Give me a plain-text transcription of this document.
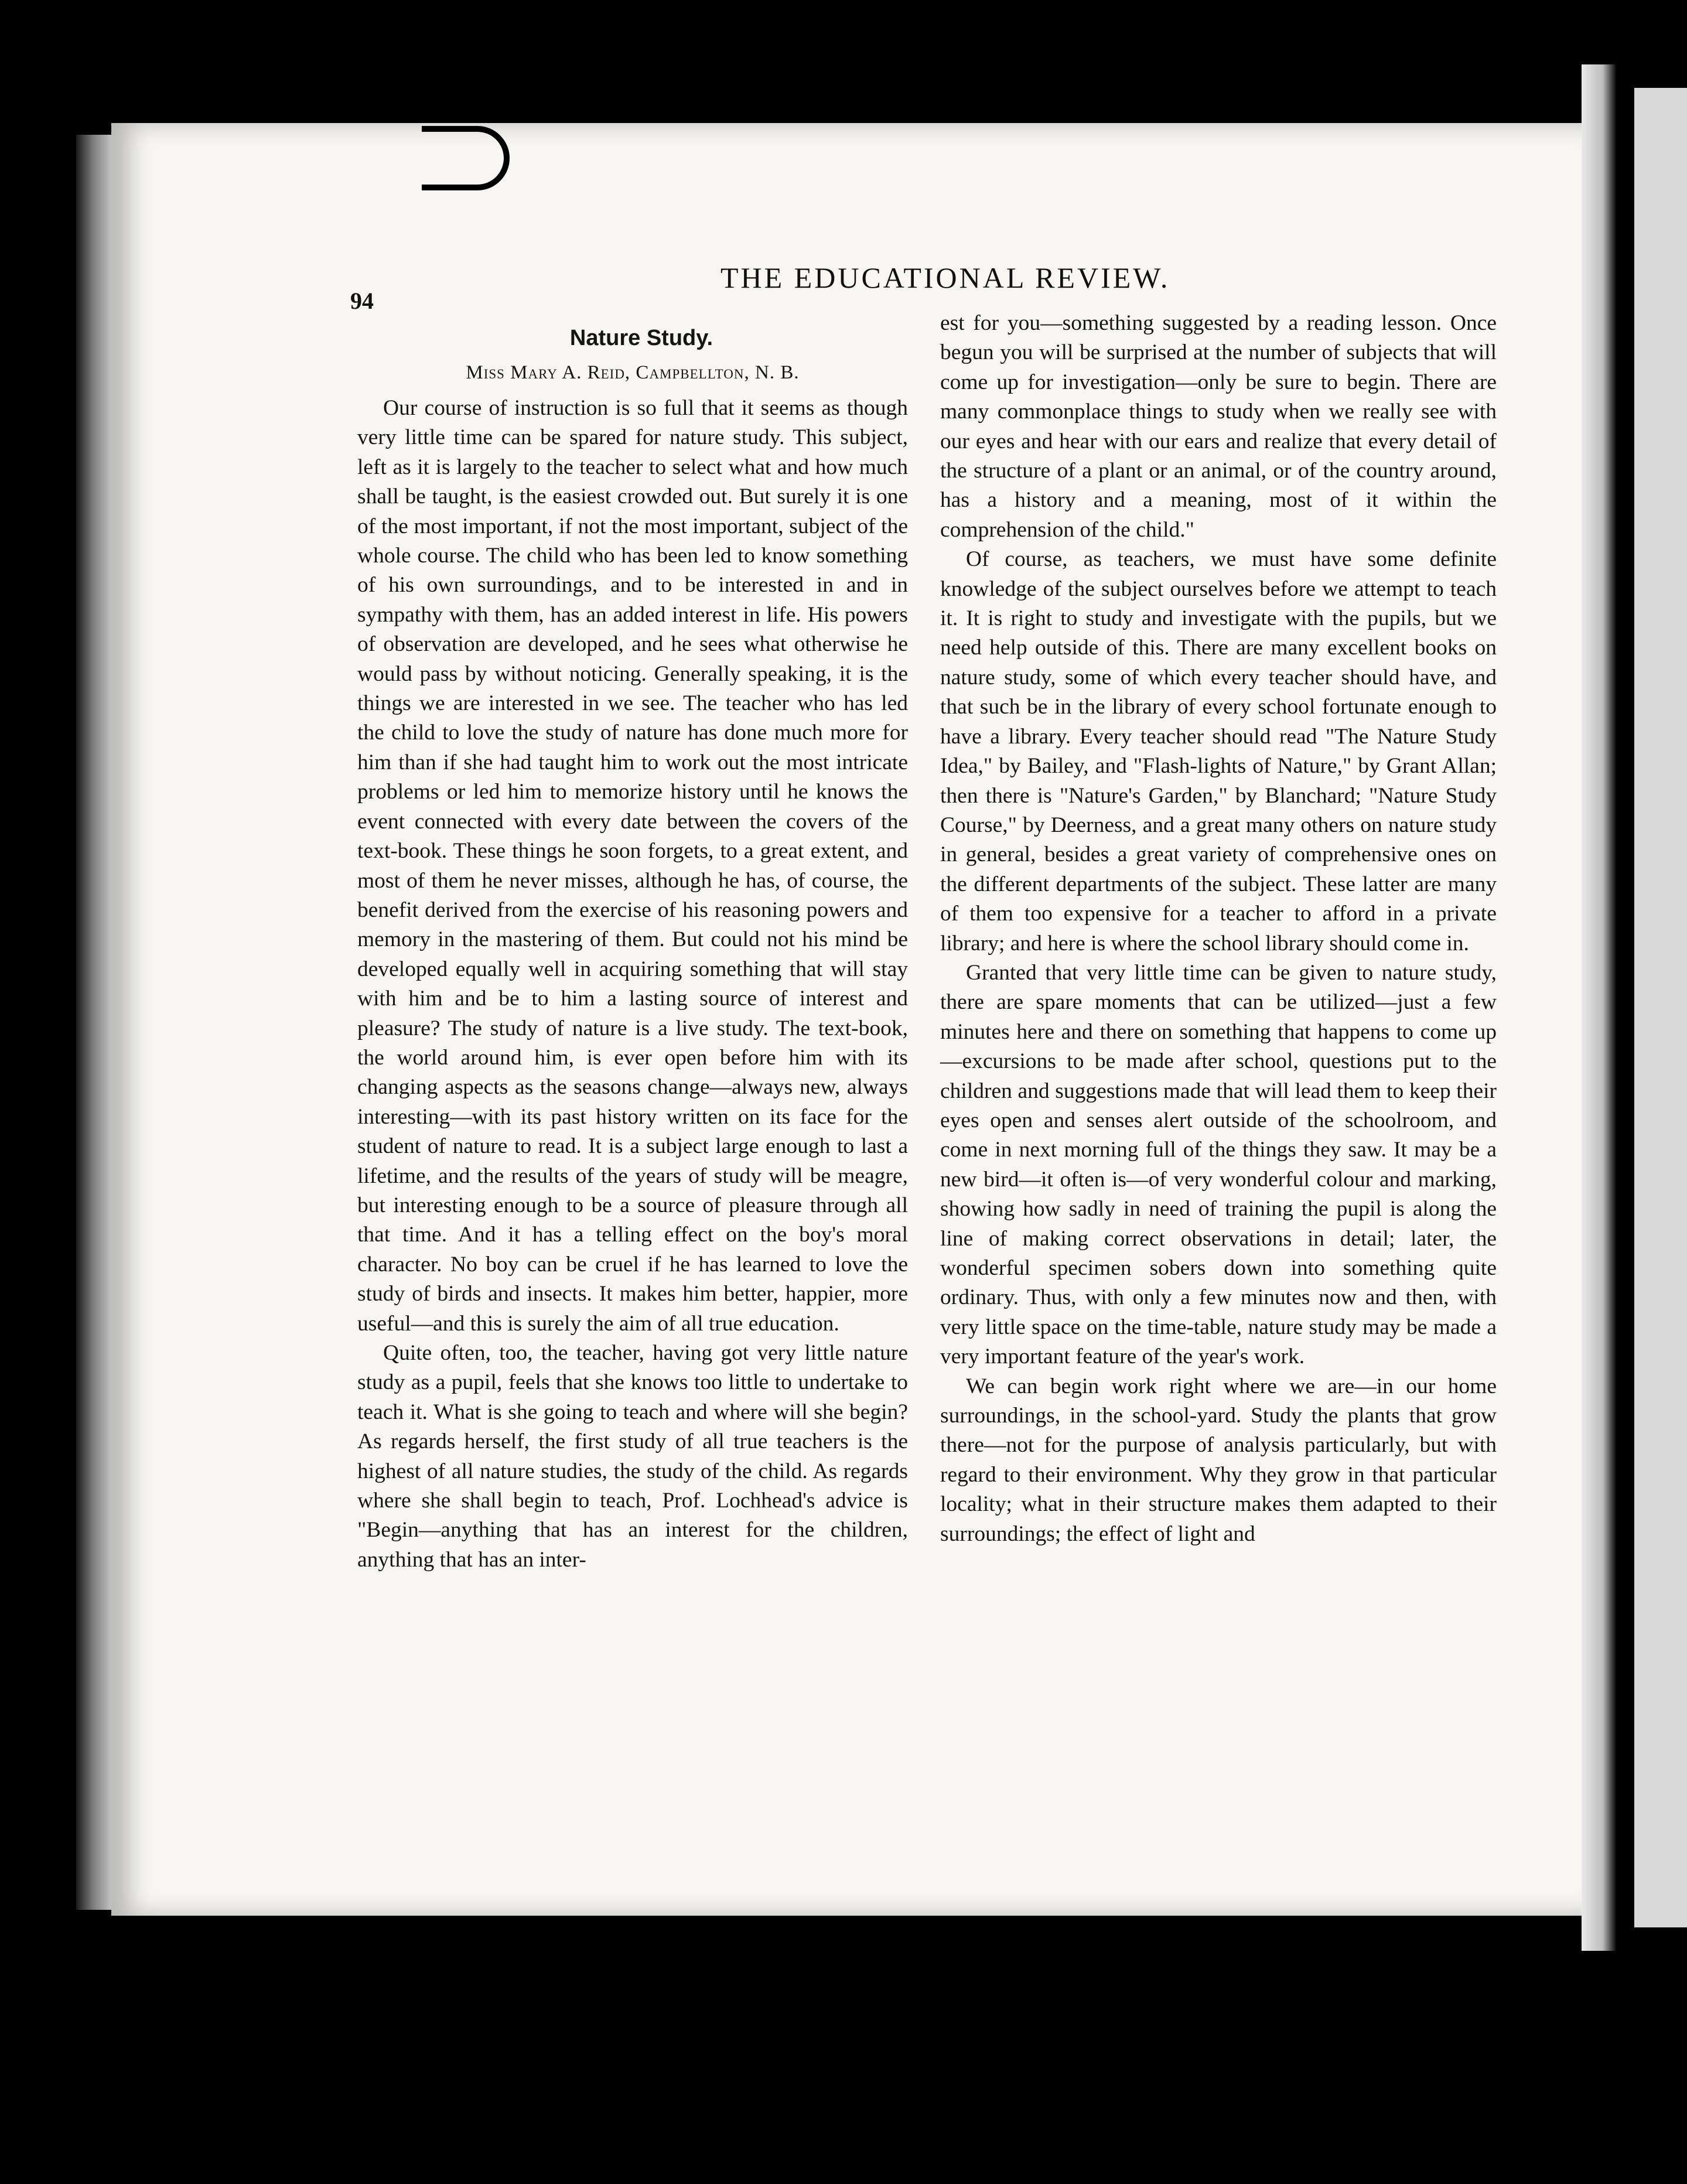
THE EDUCATIONAL REVIEW.
94
Nature Study.
Miss Mary A. Reid, Campbellton, N. B.

Our course of instruction is so full that it seems as though very little time can be spared for nature study. This subject, left as it is largely to the teacher to select what and how much shall be taught, is the easiest crowded out. But surely it is one of the most important, if not the most important, subject of the whole course. The child who has been led to know something of his own surroundings, and to be interested in and in sympathy with them, has an added interest in life. His powers of observation are developed, and he sees what otherwise he would pass by without noticing. Generally speaking, it is the things we are interested in we see. The teacher who has led the child to love the study of nature has done much more for him than if she had taught him to work out the most intricate problems or led him to memorize history until he knows the event connected with every date between the covers of the text-book. These things he soon forgets, to a great extent, and most of them he never misses, although he has, of course, the benefit derived from the exercise of his reasoning powers and memory in the mastering of them. But could not his mind be developed equally well in acquiring something that will stay with him and be to him a lasting source of interest and pleasure? The study of nature is a live study. The text-book, the world around him, is ever open before him with its changing aspects as the seasons change—always new, always interesting—with its past history written on its face for the student of nature to read. It is a subject large enough to last a lifetime, and the results of the years of study will be meagre, but interesting enough to be a source of pleasure through all that time. And it has a telling effect on the boy's moral character. No boy can be cruel if he has learned to love the study of birds and insects. It makes him better, happier, more useful—and this is surely the aim of all true education.

Quite often, too, the teacher, having got very little nature study as a pupil, feels that she knows too little to undertake to teach it. What is she going to teach and where will she begin? As regards herself, the first study of all true teachers is the highest of all nature studies, the study of the child. As regards where she shall begin to teach, Prof. Lochhead's advice is "Begin—anything that has an interest for the children, anything that has an inter-

est for you—something suggested by a reading lesson. Once begun you will be surprised at the number of subjects that will come up for investigation—only be sure to begin. There are many commonplace things to study when we really see with our eyes and hear with our ears and realize that every detail of the structure of a plant or an animal, or of the country around, has a history and a meaning, most of it within the comprehension of the child."

Of course, as teachers, we must have some definite knowledge of the subject ourselves before we attempt to teach it. It is right to study and investigate with the pupils, but we need help outside of this. There are many excellent books on nature study, some of which every teacher should have, and that such be in the library of every school fortunate enough to have a library. Every teacher should read "The Nature Study Idea," by Bailey, and "Flash-lights of Nature," by Grant Allan; then there is "Nature's Garden," by Blanchard; "Nature Study Course," by Deerness, and a great many others on nature study in general, besides a great variety of comprehensive ones on the different departments of the subject. These latter are many of them too expensive for a teacher to afford in a private library; and here is where the school library should come in.

Granted that very little time can be given to nature study, there are spare moments that can be utilized—just a few minutes here and there on something that happens to come up—excursions to be made after school, questions put to the children and suggestions made that will lead them to keep their eyes open and senses alert outside of the schoolroom, and come in next morning full of the things they saw. It may be a new bird—it often is—of very wonderful colour and marking, showing how sadly in need of training the pupil is along the line of making correct observations in detail; later, the wonderful specimen sobers down into something quite ordinary. Thus, with only a few minutes now and then, with very little space on the time-table, nature study may be made a very important feature of the year's work.

We can begin work right where we are—in our home surroundings, in the school-yard. Study the plants that grow there—not for the purpose of analysis particularly, but with regard to their environment. Why they grow in that particular locality; what in their structure makes them adapted to their surroundings; the effect of light and
